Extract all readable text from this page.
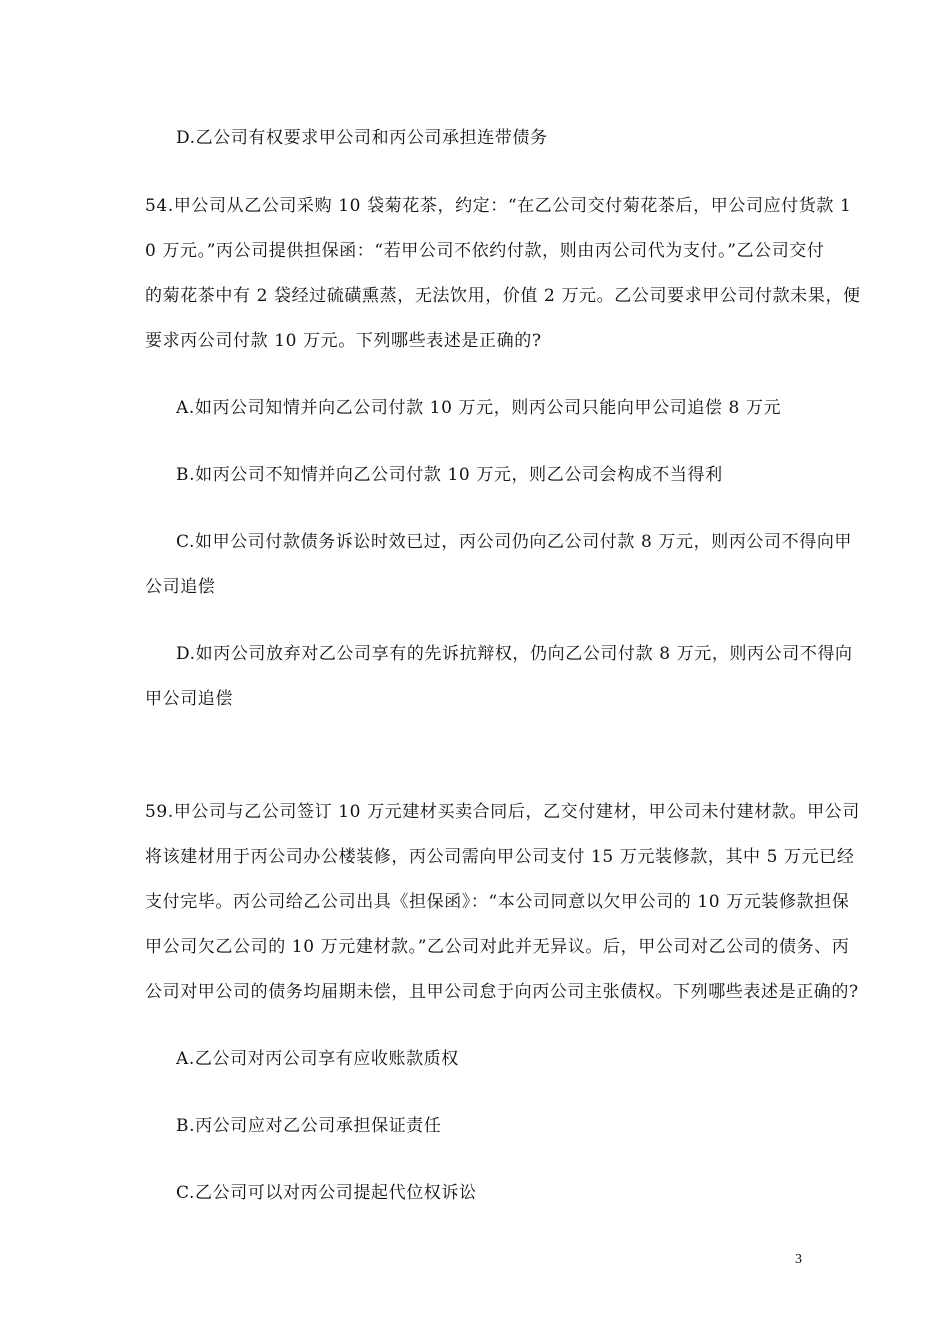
D.乙公司有权要求甲公司和丙公司承担连带债务
54.甲公司从乙公司采购 10 袋菊花茶，约定：“在乙公司交付菊花茶后，甲公司应付货款 1
0 万元。”丙公司提供担保函：“若甲公司不依约付款，则由丙公司代为支付。”乙公司交付
的菊花茶中有 2 袋经过硫磺熏蒸，无法饮用，价值 2 万元。乙公司要求甲公司付款未果，便
要求丙公司付款 10 万元。下列哪些表述是正确的?
A.如丙公司知情并向乙公司付款 10 万元，则丙公司只能向甲公司追偿 8 万元
B.如丙公司不知情并向乙公司付款 10 万元，则乙公司会构成不当得利
C.如甲公司付款债务诉讼时效已过，丙公司仍向乙公司付款 8 万元，则丙公司不得向甲
公司追偿
D.如丙公司放弃对乙公司享有的先诉抗辩权，仍向乙公司付款 8 万元，则丙公司不得向
甲公司追偿
59.甲公司与乙公司签订 10 万元建材买卖合同后，乙交付建材，甲公司未付建材款。甲公司
将该建材用于丙公司办公楼装修，丙公司需向甲公司支付 15 万元装修款，其中 5 万元已经
支付完毕。丙公司给乙公司出具《担保函》：“本公司同意以欠甲公司的 10 万元装修款担保
甲公司欠乙公司的 10 万元建材款。”乙公司对此并无异议。后，甲公司对乙公司的债务、丙
公司对甲公司的债务均届期未偿，且甲公司怠于向丙公司主张债权。下列哪些表述是正确的?
A.乙公司对丙公司享有应收账款质权
B.丙公司应对乙公司承担保证责任
C.乙公司可以对丙公司提起代位权诉讼
3
